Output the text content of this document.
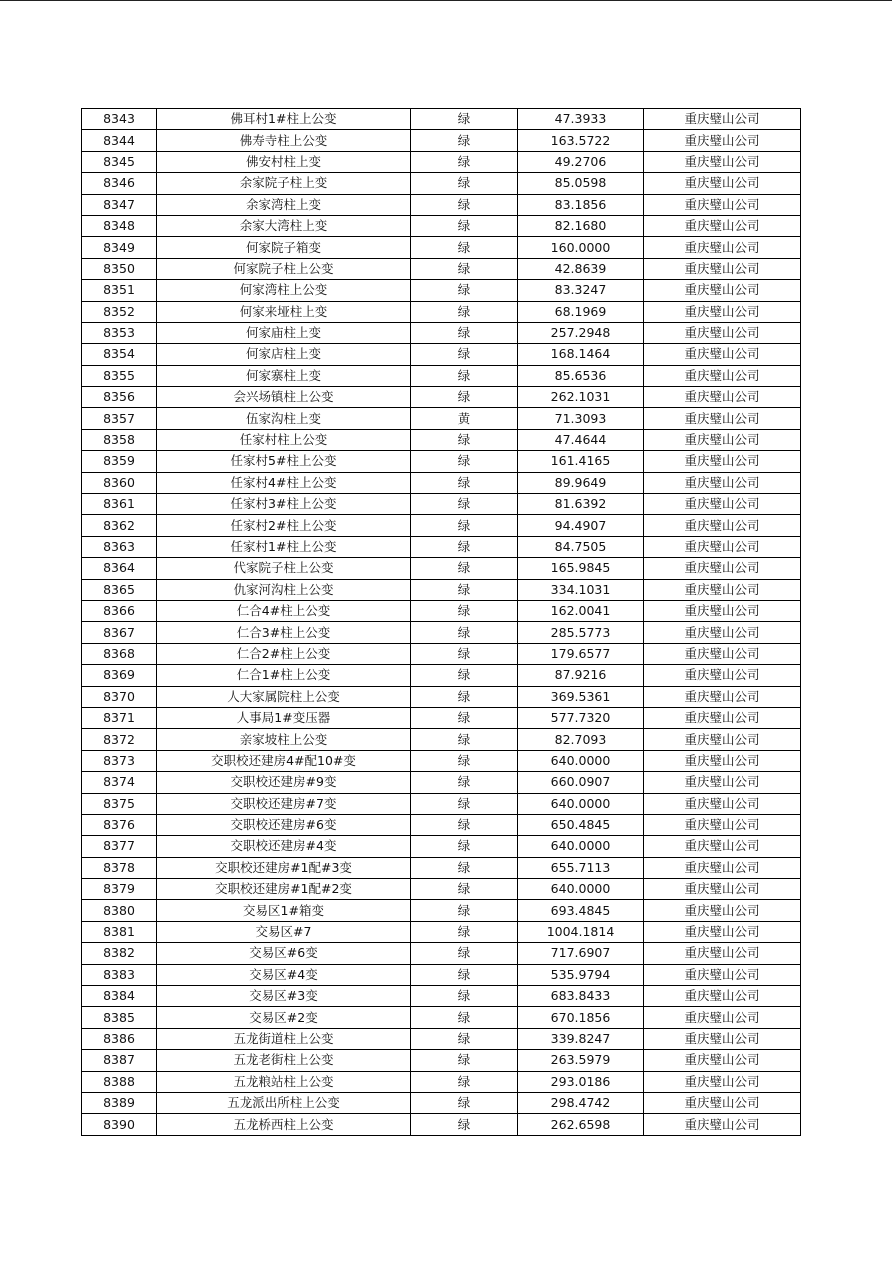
8343	佛耳村1#柱上公变	绿	47.3933	重庆璧山公司
8344	佛寿寺柱上公变	绿	163.5722	重庆璧山公司
8345	佛安村柱上变	绿	49.2706	重庆璧山公司
8346	余家院子柱上变	绿	85.0598	重庆璧山公司
8347	余家湾柱上变	绿	83.1856	重庆璧山公司
8348	余家大湾柱上变	绿	82.1680	重庆璧山公司
8349	何家院子箱变	绿	160.0000	重庆璧山公司
8350	何家院子柱上公变	绿	42.8639	重庆璧山公司
8351	何家湾柱上公变	绿	83.3247	重庆璧山公司
8352	何家来垭柱上变	绿	68.1969	重庆璧山公司
8353	何家庙柱上变	绿	257.2948	重庆璧山公司
8354	何家店柱上变	绿	168.1464	重庆璧山公司
8355	何家寨柱上变	绿	85.6536	重庆璧山公司
8356	会兴场镇柱上公变	绿	262.1031	重庆璧山公司
8357	伍家沟柱上变	黄	71.3093	重庆璧山公司
8358	任家村柱上公变	绿	47.4644	重庆璧山公司
8359	任家村5#柱上公变	绿	161.4165	重庆璧山公司
8360	任家村4#柱上公变	绿	89.9649	重庆璧山公司
8361	任家村3#柱上公变	绿	81.6392	重庆璧山公司
8362	任家村2#柱上公变	绿	94.4907	重庆璧山公司
8363	任家村1#柱上公变	绿	84.7505	重庆璧山公司
8364	代家院子柱上公变	绿	165.9845	重庆璧山公司
8365	仇家河沟柱上公变	绿	334.1031	重庆璧山公司
8366	仁合4#柱上公变	绿	162.0041	重庆璧山公司
8367	仁合3#柱上公变	绿	285.5773	重庆璧山公司
8368	仁合2#柱上公变	绿	179.6577	重庆璧山公司
8369	仁合1#柱上公变	绿	87.9216	重庆璧山公司
8370	人大家属院柱上公变	绿	369.5361	重庆璧山公司
8371	人事局1#变压器	绿	577.7320	重庆璧山公司
8372	亲家坡柱上公变	绿	82.7093	重庆璧山公司
8373	交职校还建房4#配10#变	绿	640.0000	重庆璧山公司
8374	交职校还建房#9变	绿	660.0907	重庆璧山公司
8375	交职校还建房#7变	绿	640.0000	重庆璧山公司
8376	交职校还建房#6变	绿	650.4845	重庆璧山公司
8377	交职校还建房#4变	绿	640.0000	重庆璧山公司
8378	交职校还建房#1配#3变	绿	655.7113	重庆璧山公司
8379	交职校还建房#1配#2变	绿	640.0000	重庆璧山公司
8380	交易区1#箱变	绿	693.4845	重庆璧山公司
8381	交易区#7	绿	1004.1814	重庆璧山公司
8382	交易区#6变	绿	717.6907	重庆璧山公司
8383	交易区#4变	绿	535.9794	重庆璧山公司
8384	交易区#3变	绿	683.8433	重庆璧山公司
8385	交易区#2变	绿	670.1856	重庆璧山公司
8386	五龙街道柱上公变	绿	339.8247	重庆璧山公司
8387	五龙老街柱上公变	绿	263.5979	重庆璧山公司
8388	五龙粮站柱上公变	绿	293.0186	重庆璧山公司
8389	五龙派出所柱上公变	绿	298.4742	重庆璧山公司
8390	五龙桥西柱上公变	绿	262.6598	重庆璧山公司
